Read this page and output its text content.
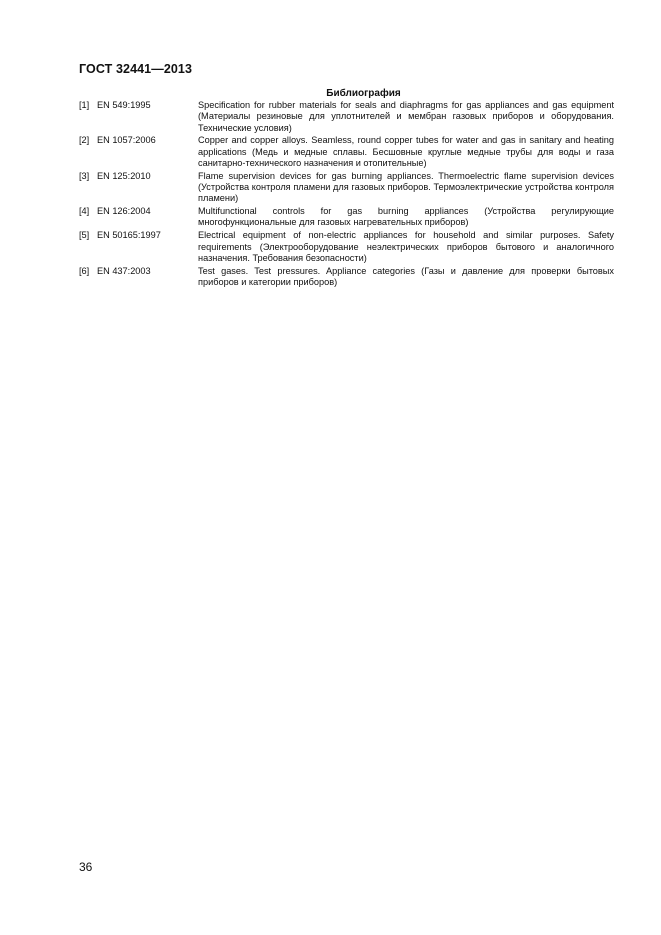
ГОСТ 32441—2013
Библиография
[1] EN 549:1995	Specification for rubber materials for seals and diaphragms for gas appliances and gas equipment (Материалы резиновые для уплотнителей и мембран газовых приборов и оборудования. Технические условия)
[2] EN 1057:2006	Copper and copper alloys. Seamless, round copper tubes for water and gas in sanitary and heating applications (Медь и медные сплавы. Бесшовные круглые медные трубы для воды и газа санитарно-технического назначения и отопительные)
[3] EN 125:2010	Flame supervision devices for gas burning appliances. Thermoelectric flame supervision devices (Устройства контроля пламени для газовых приборов. Термоэлектрические устройства контроля пламени)
[4] EN 126:2004	Multifunctional controls for gas burning appliances (Устройства регулирующие многофункциональные для газовых нагревательных приборов)
[5] EN 50165:1997	Electrical equipment of non-electric appliances for household and similar purposes. Safety requirements (Электрооборудование неэлектрических приборов бытового и аналогичного назначения. Требования безопасности)
[6] EN 437:2003	Test gases. Test pressures. Appliance categories (Газы и давление для проверки бытовых приборов и категории приборов)
36
